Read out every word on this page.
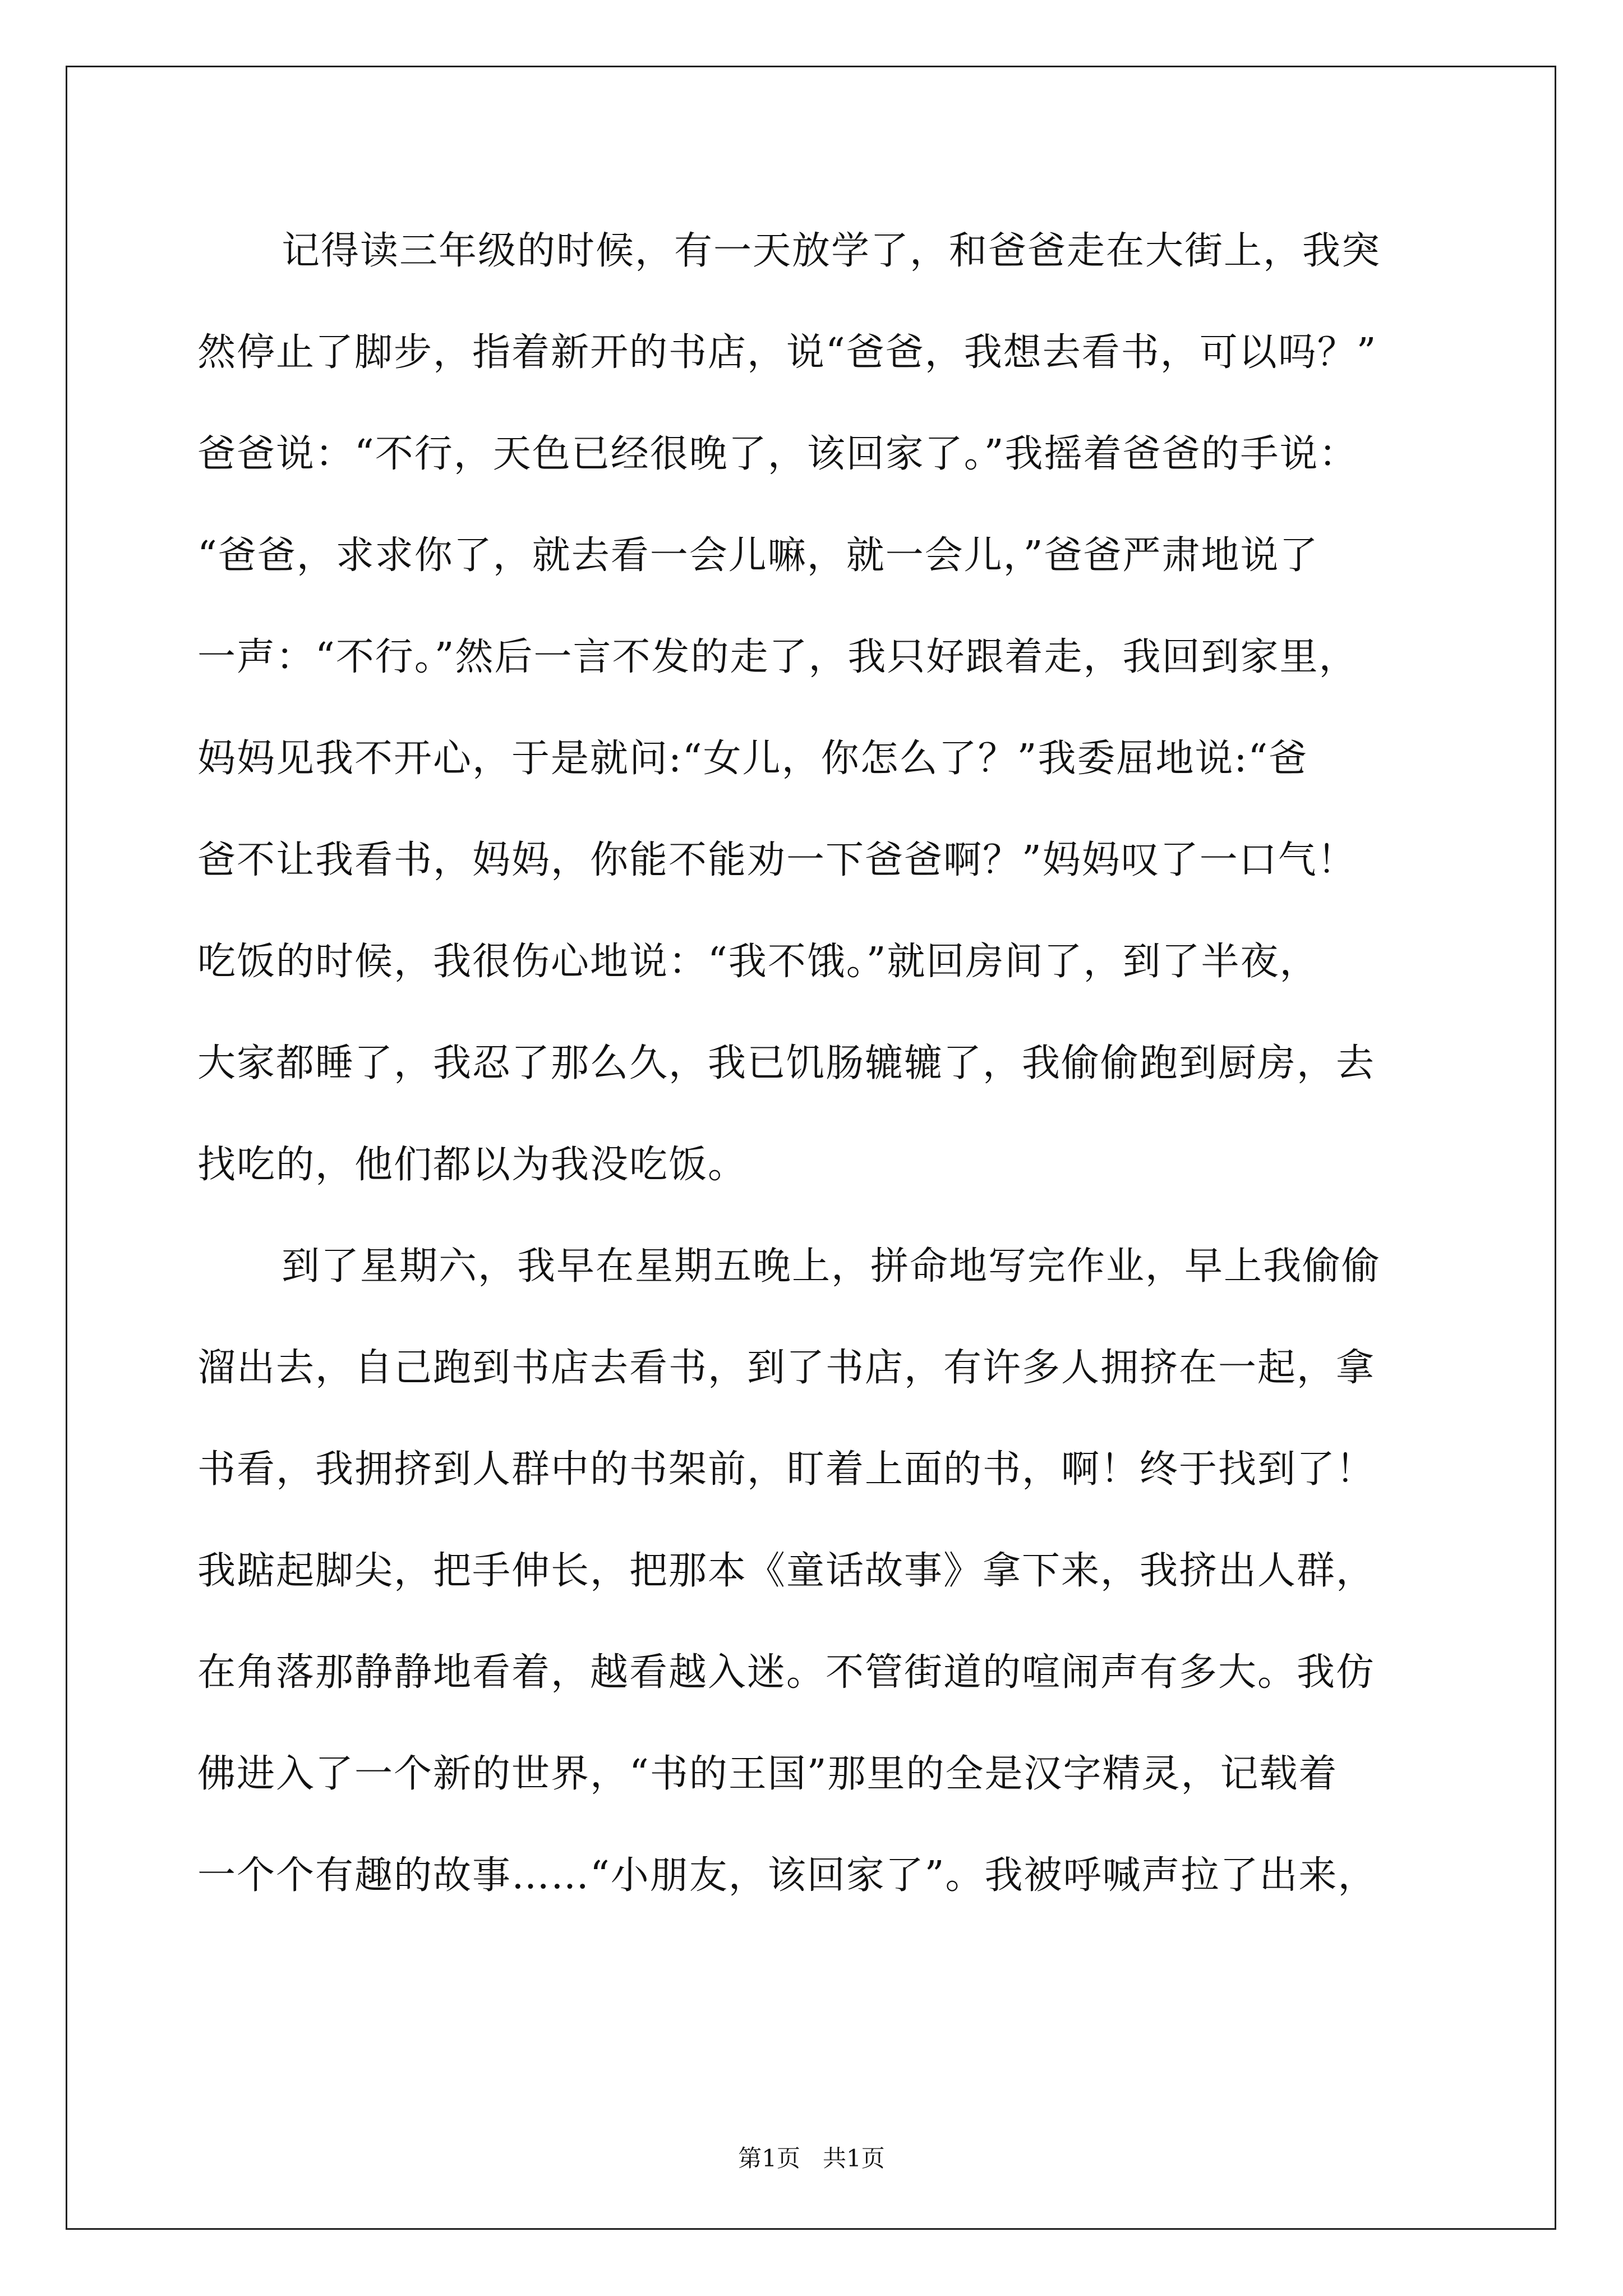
记得读三年级的时候，有一天放学了，和爸爸走在大街上，我突
然停止了脚步，指着新开的书店，说“爸爸，我想去看书，可以吗？”
爸爸说：“不行，天色已经很晚了，该回家了。”我摇着爸爸的手说：
“爸爸，求求你了，就去看一会儿嘛，就一会儿，”爸爸严肃地说了
一声：“不行。”然后一言不发的走了，我只好跟着走，我回到家里，
妈妈见我不开心，于是就问:“女儿，你怎么了？”我委屈地说:“爸
爸不让我看书，妈妈，你能不能劝一下爸爸啊？”妈妈叹了一口气！
吃饭的时候，我很伤心地说：“我不饿。”就回房间了，到了半夜，
大家都睡了，我忍了那么久，我已饥肠辘辘了，我偷偷跑到厨房，去
找吃的，他们都以为我没吃饭。
到了星期六，我早在星期五晚上，拼命地写完作业，早上我偷偷
溜出去，自己跑到书店去看书，到了书店，有许多人拥挤在一起，拿
书看，我拥挤到人群中的书架前，盯着上面的书，啊！终于找到了！
我踮起脚尖，把手伸长，把那本《童话故事》拿下来，我挤出人群，
在角落那静静地看着，越看越入迷。不管街道的喧闹声有多大。我仿
佛进入了一个新的世界，“书的王国”那里的全是汉字精灵，记载着
一个个有趣的故事……“小朋友，该回家了”。我被呼喊声拉了出来，
第1页   共1页
